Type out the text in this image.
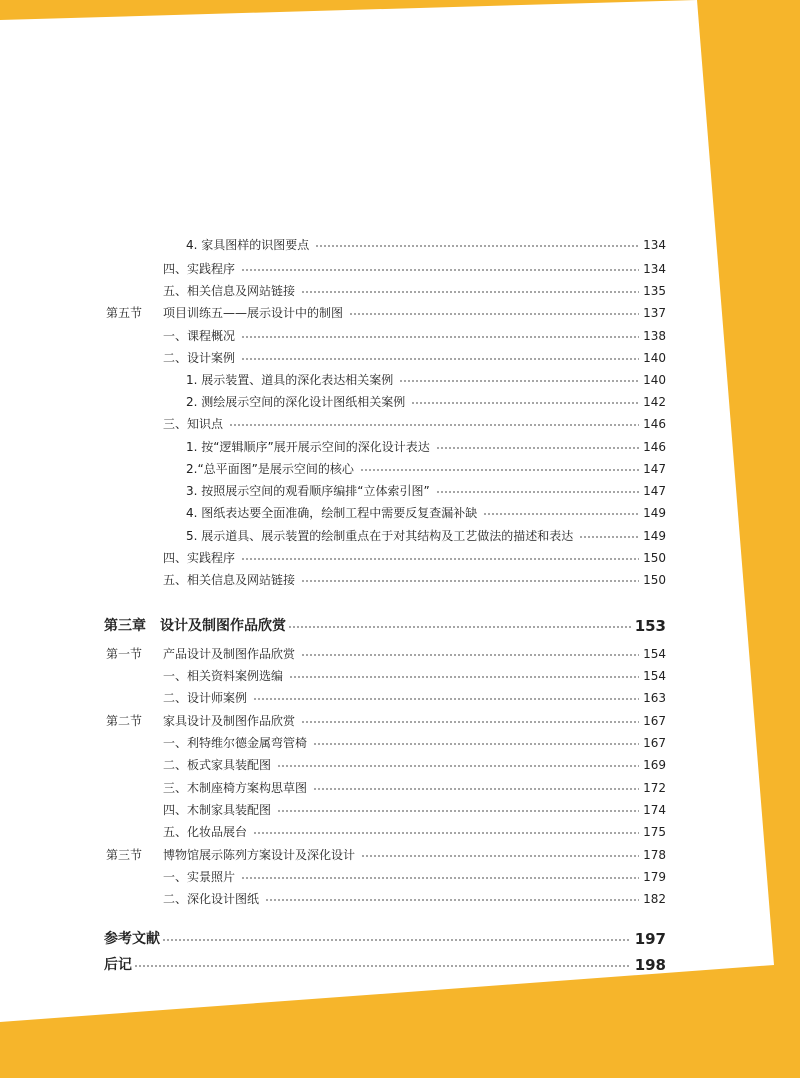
4. 家具图样的识图要点	134
四、实践程序	134
五、相关信息及网站链接	135
第五节 项目训练五——展示设计中的制图	137
一、课程概况	138
二、设计案例	140
1. 展示装置、道具的深化表达相关案例	140
2. 测绘展示空间的深化设计图纸相关案例	142
三、知识点	146
1. 按“逻辑顺序”展开展示空间的深化设计表达	146
2.“总平面图”是展示空间的核心	147
3. 按照展示空间的观看顺序编排“立体索引图”	147
4. 图纸表达要全面准确，绘制工程中需要反复查漏补缺	149
5. 展示道具、展示装置的绘制重点在于对其结构及工艺做法的描述和表达	149
四、实践程序	150
五、相关信息及网站链接	150
第三章	设计及制图作品欣赏	153
第一节 产品设计及制图作品欣赏	154
一、相关资料案例选编	154
二、设计师案例	163
第二节 家具设计及制图作品欣赏	167
一、利特维尔德金属弯管椅	167
二、板式家具装配图	169
三、木制座椅方案构思草图	172
四、木制家具装配图	174
五、化妆品展台	175
第三节 博物馆展示陈列方案设计及深化设计	178
一、实景照片	179
二、深化设计图纸	182
参考文献	197
后记	198
